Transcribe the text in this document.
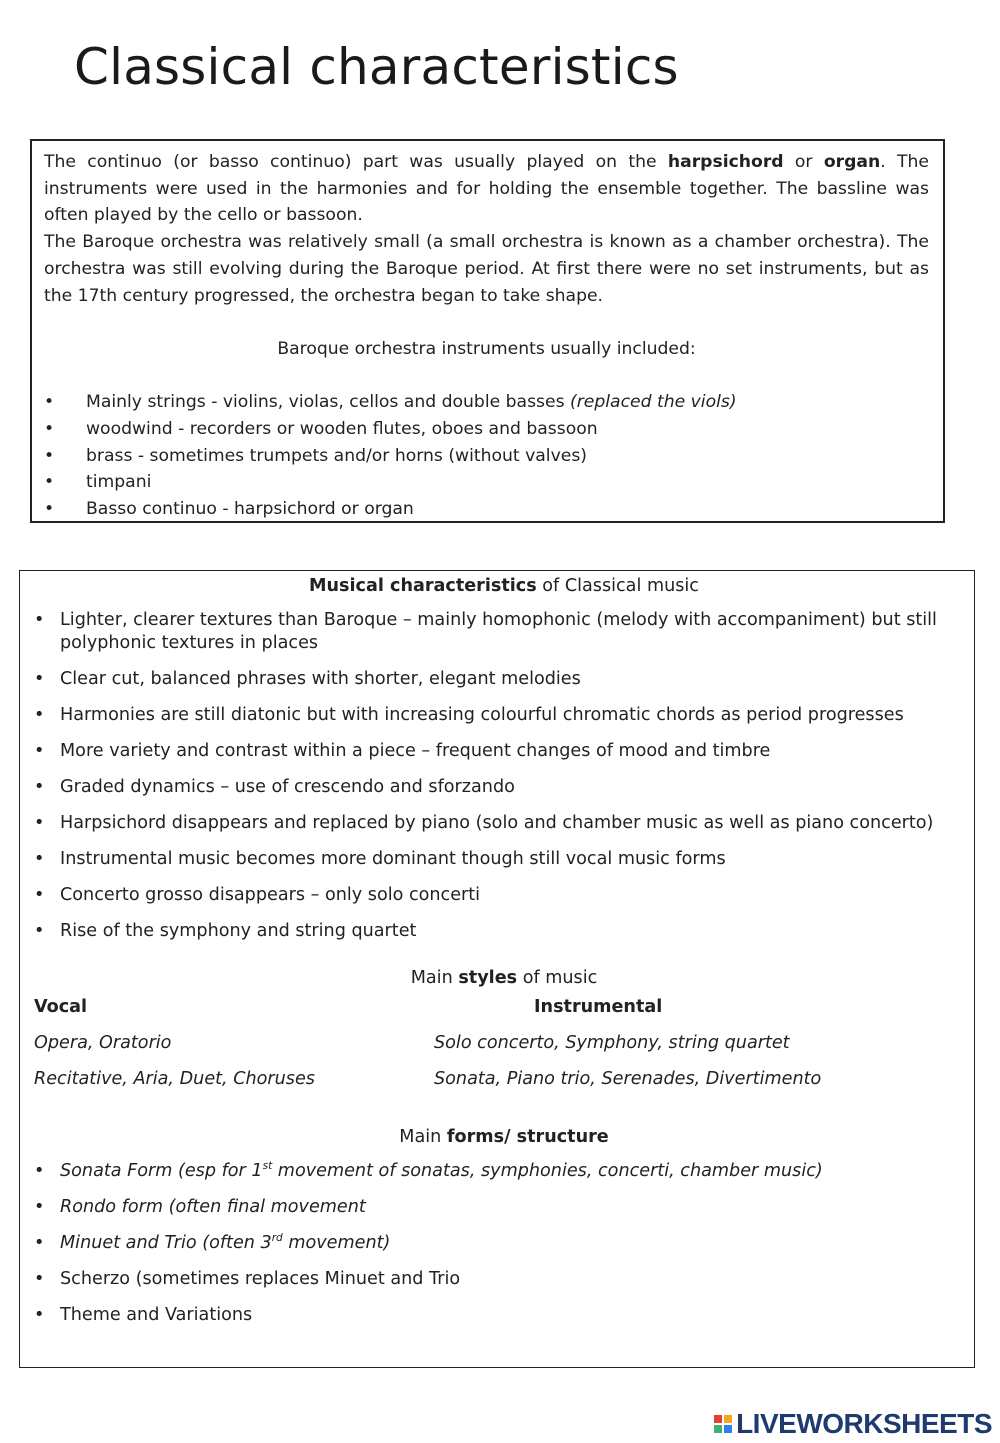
Classical characteristics

The continuo (or basso continuo) part was usually played on the harpsichord or organ. The instruments were used in the harmonies and for holding the ensemble together. The bassline was often played by the cello or bassoon.

The Baroque orchestra was relatively small (a small orchestra is known as a chamber orchestra). The orchestra was still evolving during the Baroque period. At first there were no set instruments, but as the 17th century progressed, the orchestra began to take shape.

Baroque orchestra instruments usually included:

• Mainly strings - violins, violas, cellos and double basses (replaced the viols)
• woodwind - recorders or wooden flutes, oboes and bassoon
• brass - sometimes trumpets and/or horns (without valves)
• timpani
• Basso continuo - harpsichord or organ

Musical characteristics of Classical music

• Lighter, clearer textures than Baroque – mainly homophonic (melody with accompaniment) but still polyphonic textures in places
• Clear cut, balanced phrases with shorter, elegant melodies
• Harmonies are still diatonic but with increasing colourful chromatic chords as period progresses
• More variety and contrast within a piece – frequent changes of mood and timbre
• Graded dynamics – use of crescendo and sforzando
• Harpsichord disappears and replaced by piano (solo and chamber music as well as piano concerto)
• Instrumental music becomes more dominant though still vocal music forms
• Concerto grosso disappears – only solo concerti
• Rise of the symphony and string quartet

Main styles of music

Vocal
Opera, Oratorio
Recitative, Aria, Duet, Choruses
Instrumental
Solo concerto, Symphony, string quartet
Sonata, Piano trio, Serenades, Divertimento

Main forms/ structure

• Sonata Form (esp for 1st movement of sonatas, symphonies, concerti, chamber music)
• Rondo form (often final movement
• Minuet and Trio (often 3rd movement)
• Scherzo (sometimes replaces Minuet and Trio
• Theme and Variations
LIVEWORKSHEETS
